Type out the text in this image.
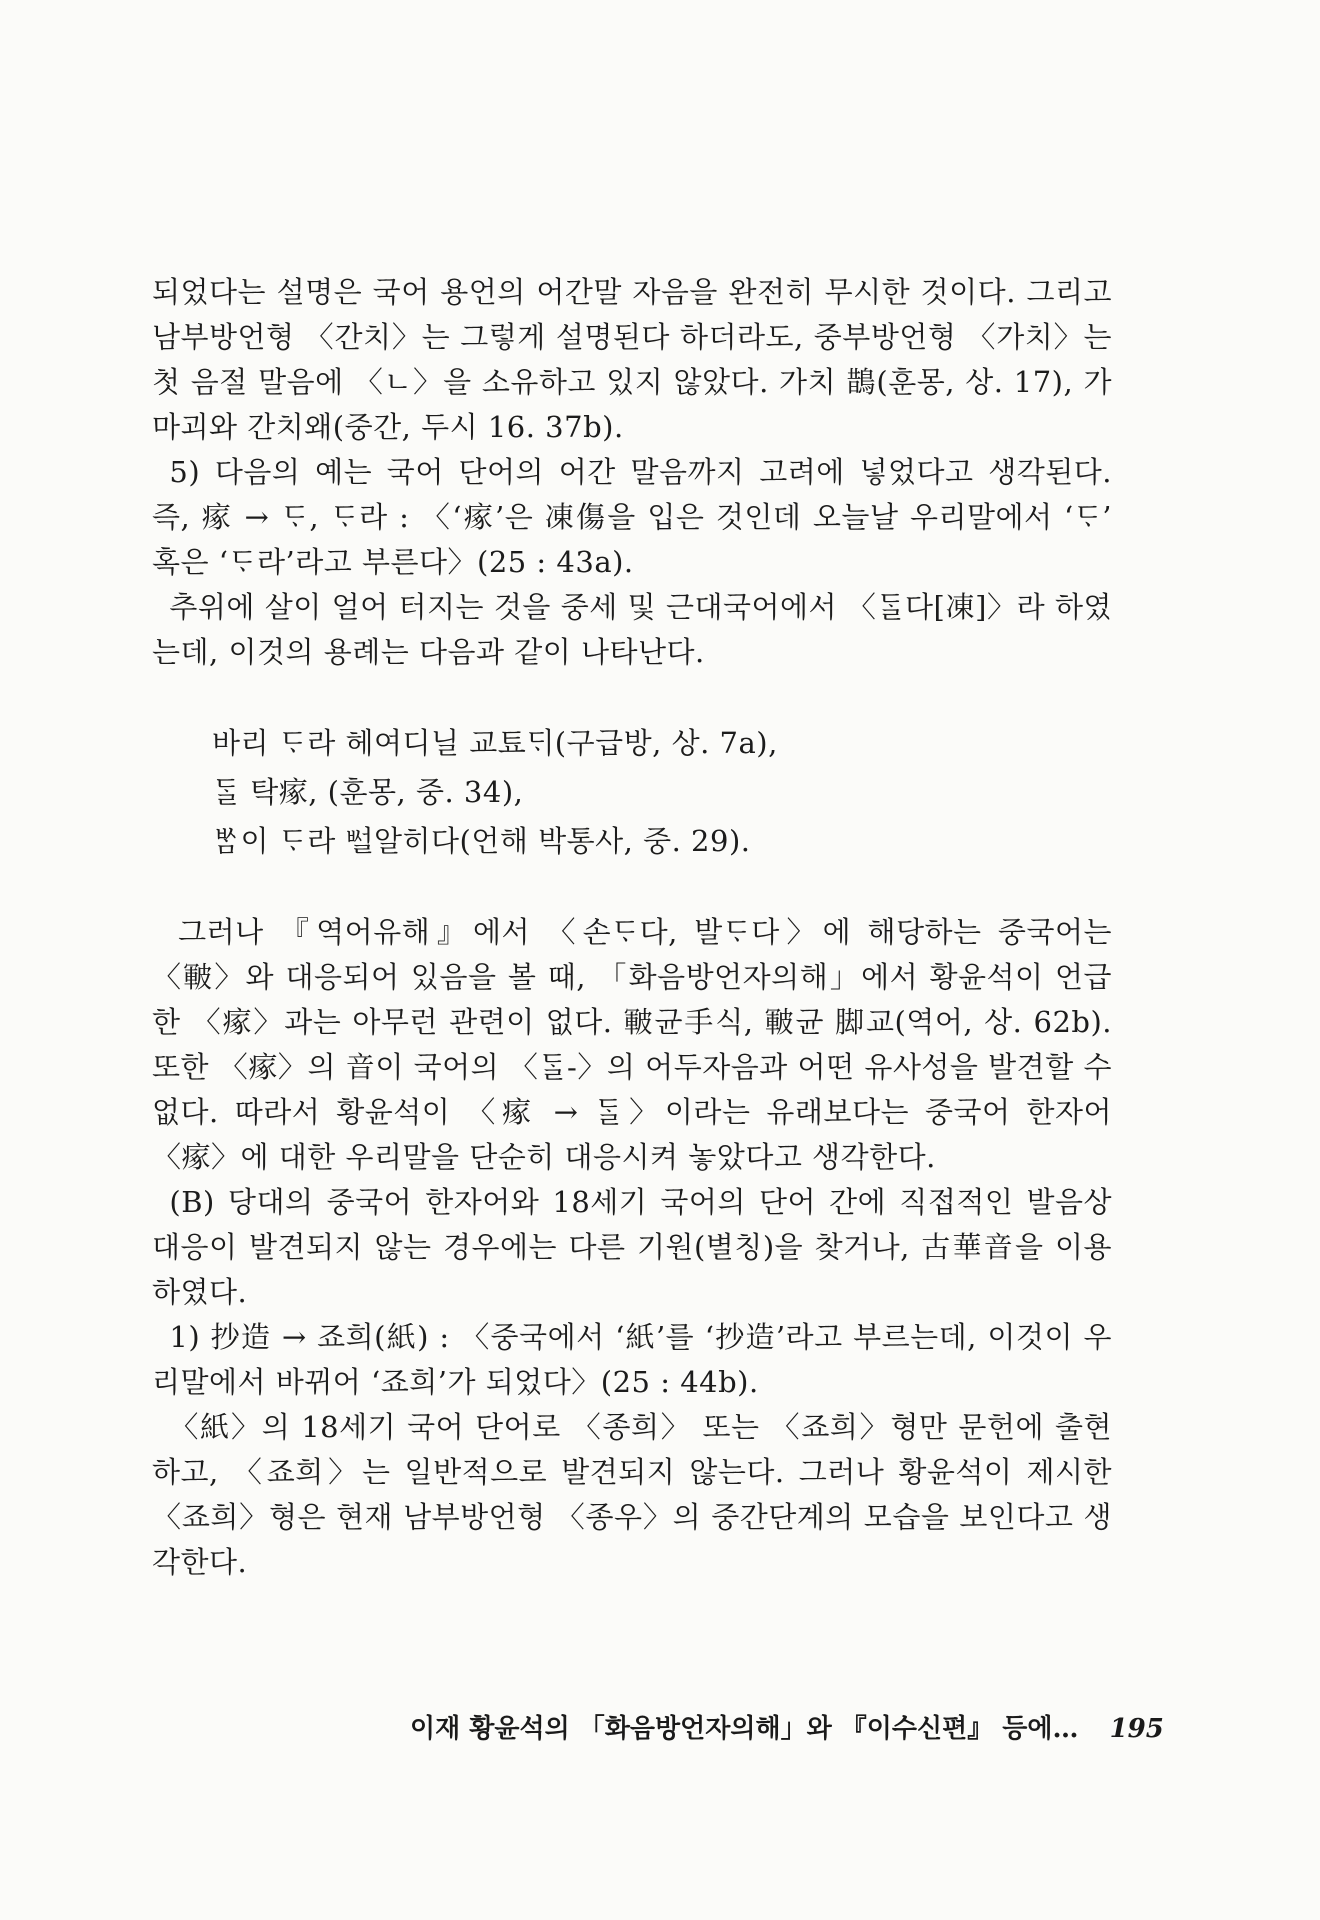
되었다는 설명은 국어 용언의 어간말 자음을 완전히 무시한 것이다. 그리고 남부방언형 〈간치〉는 그렇게 설명된다 하더라도, 중부방언형 〈가치〉는 첫 음절 말음에 〈ㄴ〉을 소유하고 있지 않았다. 가치 鵲(훈몽, 상. 17), 가마괴와 간치왜(중간, 두시 16. 37b).

5) 다음의 예는 국어 단어의 어간 말음까지 고려에 넣었다고 생각된다. 즉, 瘃 → ᄃᆞ, ᄃᆞ라 : 〈‘瘃’은 凍傷을 입은 것인데 오늘날 우리말에서 ‘ᄃᆞ’ 혹은 ‘ᄃᆞ라’라고 부른다〉(25 : 43a).

추위에 살이 얼어 터지는 것을 중세 및 근대국어에서 〈ᄃᆞᆯ다[凍]〉라 하였는데, 이것의 용례는 다음과 같이 나타난다.

바리 ᄃᆞ라 헤여디닐 교툐ᄃᆡ(구급방, 상. 7a),

ᄃᆞᆯ 탁瘃, (훈몽, 중. 34),

ᄡᆞᆷ이 ᄃᆞ라 ᄡᅥᆯ알히다(언해 박통사, 중. 29).

그러나 『역어유해』에서 〈손ᄃᆞ다, 발ᄃᆞ다〉에 해당하는 중국어는 〈皸〉와 대응되어 있음을 볼 때, 「화음방언자의해」에서 황윤석이 언급한 〈瘃〉과는 아무런 관련이 없다. 皸균手식, 皸균 脚교(역어, 상. 62b). 또한 〈瘃〉의 音이 국어의 〈ᄃᆞᆯ-〉의 어두자음과 어떤 유사성을 발견할 수 없다. 따라서 황윤석이 〈瘃 → ᄃᆞᆯ〉이라는 유래보다는 중국어 한자어 〈瘃〉에 대한 우리말을 단순히 대응시켜 놓았다고 생각한다.

(B) 당대의 중국어 한자어와 18세기 국어의 단어 간에 직접적인 발음상 대응이 발견되지 않는 경우에는 다른 기원(별칭)을 찾거나, 古華音을 이용하였다.

1) 抄造 → 죠희(紙) : 〈중국에서 ‘紙’를 ‘抄造’라고 부르는데, 이것이 우리말에서 바뀌어 ‘죠희’가 되었다〉(25 : 44b).

〈紙〉의 18세기 국어 단어로 〈종희〉 또는 〈죠희〉형만 문헌에 출현하고, 〈죠희〉는 일반적으로 발견되지 않는다. 그러나 황윤석이 제시한 〈죠희〉형은 현재 남부방언형 〈종우〉의 중간단계의 모습을 보인다고 생각한다.

이재 황윤석의 「화음방언자의해」와 『이수신편』 등에… 195
